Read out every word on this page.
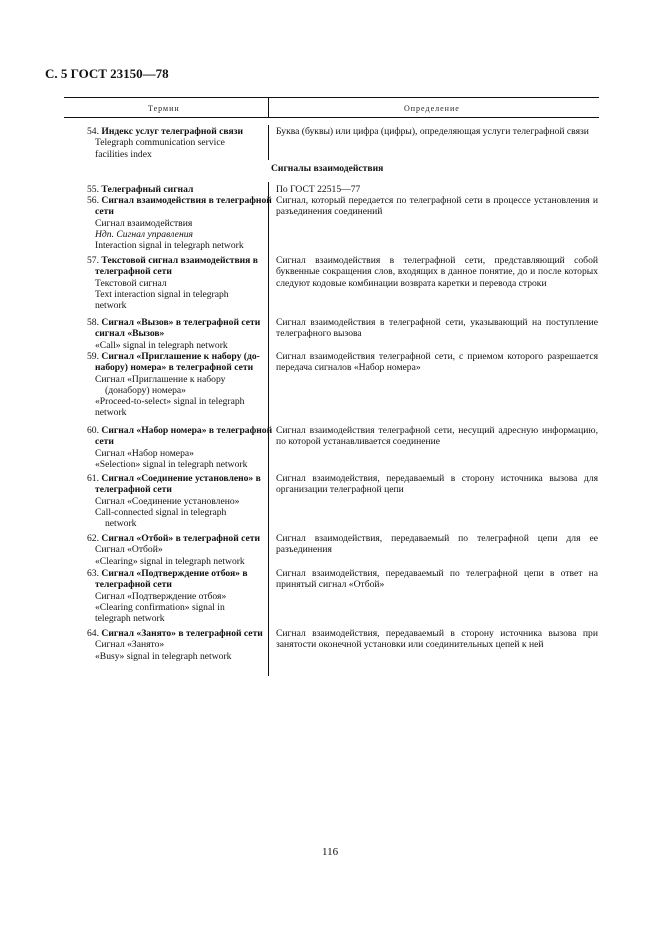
С. 5 ГОСТ 23150—78
Термин	Определение
Сигналы взаимодействия
54. Индекс услуг телеграфной связи
Telegraph communication service
facilities index
Буква (буквы) или цифра (цифры), определяющая услуги телеграфной связи
55. Телеграфный сигнал	По ГОСТ 22515—77
56. Сигнал взаимодействия в телеграфной
сети
Сигнал взаимодействия
Ндп. Сигнал управления
Interaction signal in telegraph network
Сигнал, который передается по телеграфной сети в процессе установления и разъединения соединений
57. Текстовой сигнал взаимодействия в
телеграфной сети
Текстовой сигнал
Text interaction signal in telegraph
network
Сигнал взаимодействия в телеграфной сети, представляющий собой буквенные сокращения слов, входящих в данное понятие, до и после которых следуют кодовые комбинации возврата каретки и перевода строки
58. Сигнал «Вызов» в телеграфной сети
сигнал «Вызов»
«Call» signal in telegraph network
Сигнал взаимодействия в телеграфной сети, указывающий на поступление телеграфного вызова
59. Сигнал «Приглашение к набору (до-
набору) номера» в телеграфной сети
Сигнал «Приглашение к набору
(донабору) номера»
«Proceed-to-select» signal in telegraph
network
Сигнал взаимодействия телеграфной сети, с приемом которого разрешается передача сигналов «Набор номера»
60. Сигнал «Набор номера» в телеграфной
сети
Сигнал «Набор номера»
«Selection» signal in telegraph network
Сигнал взаимодействия телеграфной сети, несущий адресную информацию, по которой устанавливается соединение
61. Сигнал «Соединение установлено» в
телеграфной сети
Сигнал «Соединение установлено»
Call-connected signal in telegraph
network
Сигнал взаимодействия, передаваемый в сторону источника вызова для организации телеграфной цепи
62. Сигнал «Отбой» в телеграфной сети
Сигнал «Отбой»
«Clearing» signal in telegraph network
Сигнал взаимодействия, передаваемый по телеграфной цепи для ее разъединения
63. Сигнал «Подтверждение отбоя» в
телеграфной сети
Сигнал «Подтверждение отбоя»
«Clearing confirmation» signal in
telegraph network
Сигнал взаимодействия, передаваемый по телеграфной цепи в ответ на принятый сигнал «Отбой»
64. Сигнал «Занято» в телеграфной сети
Сигнал «Занято»
«Busy» signal in telegraph network
Сигнал взаимодействия, передаваемый в сторону источника вызова при занятости оконечной установки или соединительных цепей к ней
116
